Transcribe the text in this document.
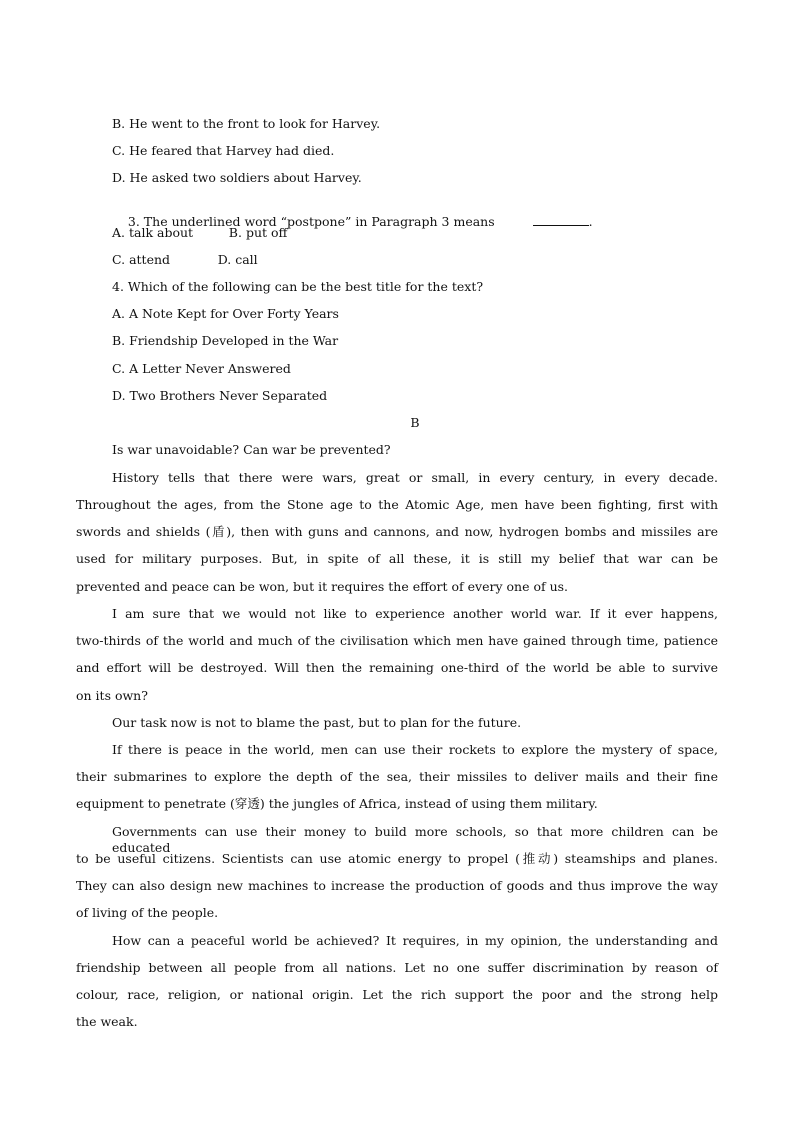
B. He went to the front to look for Harvey.
C. He feared that Harvey had died.
D. He asked two soldiers about Harvey.

3. The underlined word “postpone” in Paragraph 3 means	.

A. talk about         B. put off
C. attend            D. call
4. Which of the following can be the best title for the text?
A. A Note Kept for Over Forty Years
B. Friendship Developed in the War
C. A Letter Never Answered
D. Two Brothers Never Separated
B
Is war unavoidable? Can war be prevented?
History tells that there were wars, great or small, in every century, in every decade.
Throughout the ages, from the Stone age to the Atomic Age, men have been fighting, first with
swords and shields (盾), then with guns and cannons, and now, hydrogen bombs and missiles are
used for military purposes. But, in spite of all these, it is still my belief that war can be
prevented and peace can be won, but it requires the effort of every one of us.
I am sure that we would not like to experience another world war. If it ever happens,
two-thirds of the world and much of the civilisation which men have gained through time, patience
and effort will be destroyed. Will then the remaining one-third of the world be able to survive
on its own?
Our task now is not to blame the past, but to plan for the future.
If there is peace in the world, men can use their rockets to explore the mystery of space,
their submarines to explore the depth of the sea, their missiles to deliver mails and their fine
equipment to penetrate (穿透) the jungles of Africa, instead of using them military.
Governments can use their money to build more schools, so that more children can be educated
to be useful citizens. Scientists can use atomic energy to propel (推动) steamships and planes.
They can also design new machines to increase the production of goods and thus improve the way
of living of the people.
How can a peaceful world be achieved? It requires, in my opinion, the understanding and
friendship between all people from all nations. Let no one suffer discrimination by reason of
colour, race, religion, or national origin. Let the rich support the poor and the strong help
the weak.
